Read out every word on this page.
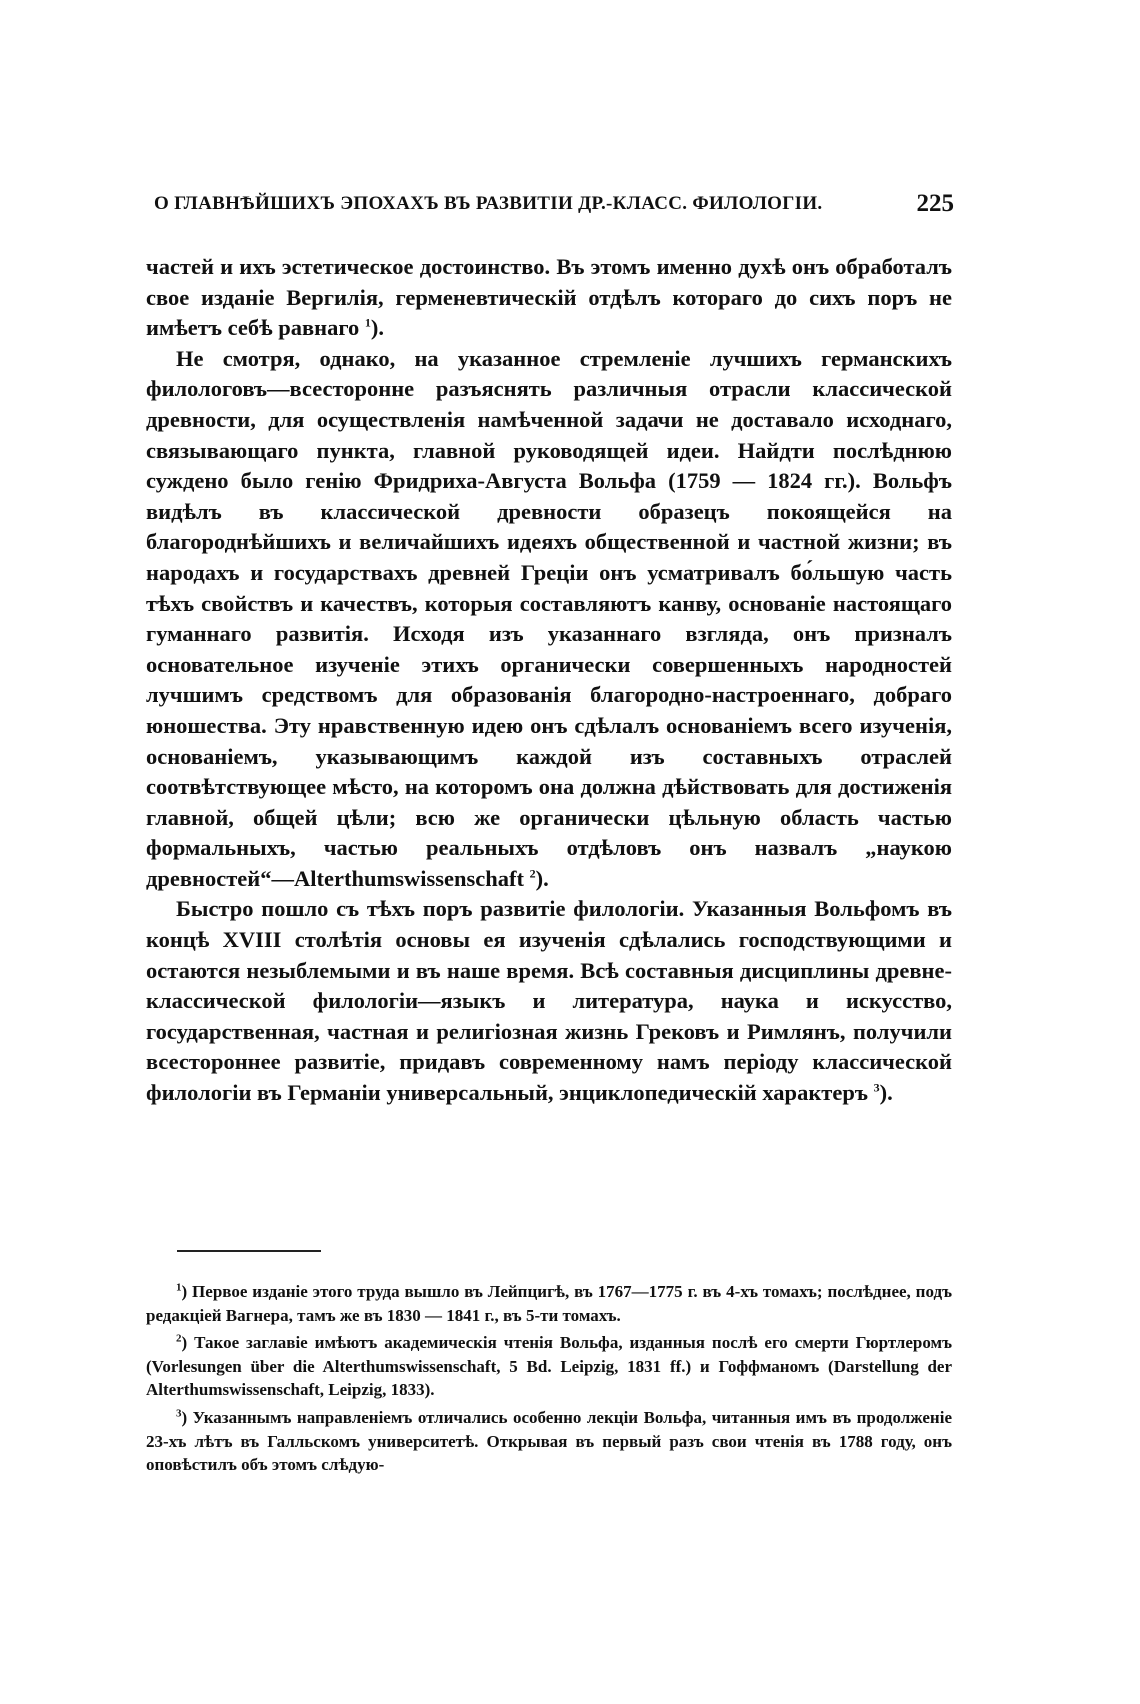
О ГЛАВНѢЙШИХЪ ЭПОХАХЪ ВЪ РАЗВИТІИ ДР.-КЛАСС. ФИЛОЛОГІИ.	225

частей и ихъ эстетическое достоинство. Въ этомъ именно духѣ онъ обработалъ свое изданіе Вергилія, герменевтическій отдѣлъ котораго до сихъ поръ не имѣетъ себѣ равнаго $^1$).

Не смотря, однако, на указанное стремленіе лучшихъ германскихъ филологовъ—всесторонне разъяснять различныя отрасли классической древности, для осуществленія намѣченной задачи не доставало исходнаго, связывающаго пункта, главной руководящей идеи. Найдти послѣднюю суждено было генію Фридриха-Августа Вольфа (1759 — 1824 гг.). Вольфъ видѣлъ въ классической древности образецъ покоящейся на благороднѣйшихъ и величайшихъ идеяхъ общественной и частной жизни; въ народахъ и государствахъ древней Греціи онъ усматривалъ бо́льшую часть тѣхъ свойствъ и качествъ, которыя составляютъ канву, основаніе настоящаго гуманнаго развитія. Исходя изъ указаннаго взгляда, онъ призналъ основательное изученіе этихъ органически совершенныхъ народностей лучшимъ средствомъ для образованія благородно-настроеннаго, добраго юношества. Эту нравственную идею онъ сдѣлалъ основаніемъ всего изученія, основаніемъ, указывающимъ каждой изъ составныхъ отраслей соотвѣтствующее мѣсто, на которомъ она должна дѣйствовать для достиженія главной, общей цѣли; всю же органически цѣльную область частью формальныхъ, частью реальныхъ отдѣловъ онъ назвалъ „наукою древностей“—Alterthumswissenschaft $^2$).

Быстро пошло съ тѣхъ поръ развитіе филологіи. Указанныя Вольфомъ въ концѣ XVIII столѣтія основы ея изученія сдѣлались господствующими и остаются незыблемыми и въ наше время. Всѣ составныя дисциплины древне-классической филологіи—языкъ и литература, наука и искусство, государственная, частная и религіозная жизнь Грековъ и Римлянъ, получили всестороннее развитіе, придавъ современному намъ періоду классической филологіи въ Германіи универсальный, энциклопедическій характеръ $^3$).

$^1$) Первое изданіе этого труда вышло въ Лейпцигѣ, въ 1767—1775 г. въ 4-хъ томахъ; послѣднее, подъ редакціей Вагнера, тамъ же въ 1830 — 1841 г., въ 5-ти томахъ.

$^2$) Такое заглавіе имѣютъ академическія чтенія Вольфа, изданныя послѣ его смерти Гюртлеромъ (Vorlesungen über die Alterthumswissenschaft, 5 Bd. Leipzig, 1831 ff.) и Гоффманомъ (Darstellung der Alterthumswissenschaft, Leipzig, 1833).

$^3$) Указаннымъ направленіемъ отличались особенно лекціи Вольфа, читанныя имъ въ продолженіе 23-хъ лѣтъ въ Галльскомъ университетѣ. Открывая въ первый разъ свои чтенія въ 1788 году, онъ оповѣстилъ объ этомъ слѣдую-
